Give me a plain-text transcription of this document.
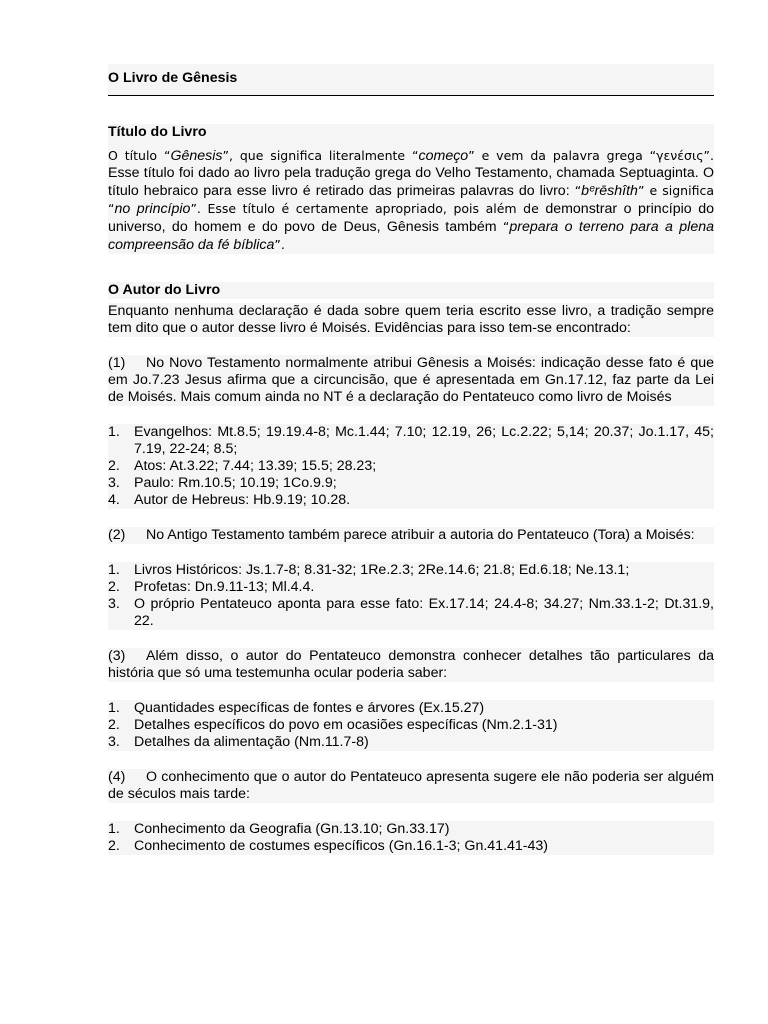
O Livro de Gênesis
Título do Livro

O título “Gênesis”, que significa literalmente “começo” e vem da palavra grega “γενέσις”. Esse título foi dado ao livro pela tradução grega do Velho Testamento, chamada Septuaginta. O título hebraico para esse livro é retirado das primeiras palavras do livro: “bᵉrēshîth” e significa “no princípio”. Esse título é certamente apropriado, pois além de demonstrar o princípio do universo, do homem e do povo de Deus, Gênesis também “prepara o terreno para a plena compreensão da fé bíblica”.

O Autor do Livro

Enquanto nenhuma declaração é dada sobre quem teria escrito esse livro, a tradição sempre tem dito que o autor desse livro é Moisés. Evidências para isso tem-se encontrado:

(1) No Novo Testamento normalmente atribui Gênesis a Moisés: indicação desse fato é que em Jo.7.23 Jesus afirma que a circuncisão, que é apresentada em Gn.17.12, faz parte da Lei de Moisés. Mais comum ainda no NT é a declaração do Pentateuco como livro de Moisés

1. Evangelhos: Mt.8.5; 19.19.4-8; Mc.1.44; 7.10; 12.19, 26; Lc.2.22; 5,14; 20.37; Jo.1.17, 45; 7.19, 22-24; 8.5;
2. Atos: At.3.22; 7.44; 13.39; 15.5; 28.23;
3. Paulo: Rm.10.5; 10.19; 1Co.9.9;
4. Autor de Hebreus: Hb.9.19; 10.28.

(2) No Antigo Testamento também parece atribuir a autoria do Pentateuco (Tora) a Moisés:

1. Livros Históricos: Js.1.7-8; 8.31-32; 1Re.2.3; 2Re.14.6; 21.8; Ed.6.18; Ne.13.1;
2. Profetas: Dn.9.11-13; Ml.4.4.
3. O próprio Pentateuco aponta para esse fato: Ex.17.14; 24.4-8; 34.27; Nm.33.1-2; Dt.31.9, 22.

(3) Além disso, o autor do Pentateuco demonstra conhecer detalhes tão particulares da história que só uma testemunha ocular poderia saber:

1. Quantidades específicas de fontes e árvores (Ex.15.27)
2. Detalhes específicos do povo em ocasiões específicas (Nm.2.1-31)
3. Detalhes da alimentação (Nm.11.7-8)

(4) O conhecimento que o autor do Pentateuco apresenta sugere ele não poderia ser alguém de séculos mais tarde:

1. Conhecimento da Geografia (Gn.13.10; Gn.33.17)
2. Conhecimento de costumes específicos (Gn.16.1-3; Gn.41.41-43)
